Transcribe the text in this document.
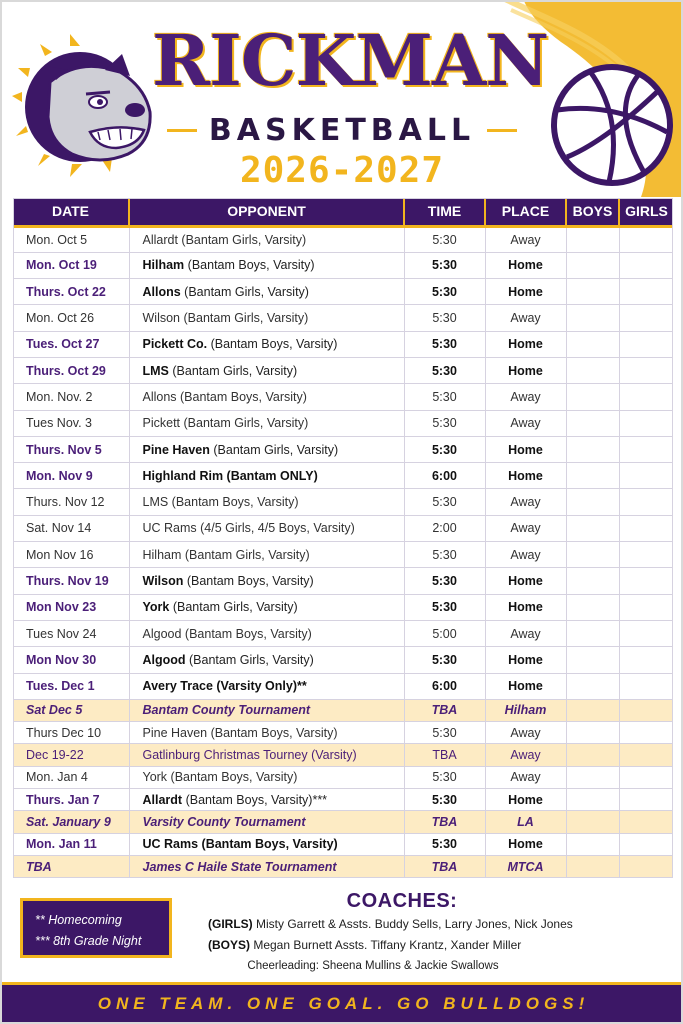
RICKMAN
BASKETBALL
2026-2027
DATE	OPPONENT	TIME	PLACE	BOYS	GIRLS
Mon. Oct 5	Allardt (Bantam Girls, Varsity)	5:30	Away		
Mon. Oct 19	Hilham (Bantam Boys, Varsity)	5:30	Home		
Thurs. Oct 22	Allons (Bantam Girls, Varsity)	5:30	Home		
Mon. Oct 26	Wilson (Bantam Girls, Varsity)	5:30	Away		
Tues. Oct 27	Pickett Co. (Bantam Boys, Varsity)	5:30	Home		
Thurs. Oct 29	LMS (Bantam Girls, Varsity)	5:30	Home		
Mon. Nov. 2	Allons (Bantam Boys, Varsity)	5:30	Away		
Tues Nov. 3	Pickett (Bantam Girls, Varsity)	5:30	Away		
Thurs. Nov 5	Pine Haven (Bantam Girls, Varsity)	5:30	Home		
Mon. Nov 9	Highland Rim (Bantam ONLY)	6:00	Home		
Thurs. Nov 12	LMS (Bantam Boys, Varsity)	5:30	Away		
Sat. Nov 14	UC Rams (4/5 Girls, 4/5 Boys, Varsity)	2:00	Away		
Mon Nov 16	Hilham (Bantam Girls, Varsity)	5:30	Away		
Thurs. Nov 19	Wilson (Bantam Boys, Varsity)	5:30	Home		
Mon Nov 23	York (Bantam Girls, Varsity)	5:30	Home		
Tues Nov 24	Algood (Bantam Boys, Varsity)	5:00	Away		
Mon Nov 30	Algood (Bantam Girls, Varsity)	5:30	Home		
Tues. Dec 1	Avery Trace (Varsity Only)**	6:00	Home		
Sat Dec 5	Bantam County Tournament	TBA	Hilham		
Thurs Dec 10	Pine Haven (Bantam Boys, Varsity)	5:30	Away		
Dec 19-22	Gatlinburg Christmas Tourney (Varsity)	TBA	Away		
Mon. Jan 4	York (Bantam Boys, Varsity)	5:30	Away		
Thurs. Jan 7	Allardt (Bantam Boys, Varsity)***	5:30	Home		
Sat. January 9	Varsity County Tournament	TBA	LA		
Mon. Jan 11	UC Rams (Bantam Boys, Varsity)	5:30	Home		
TBA	James C Haile State Tournament	TBA	MTCA		
** Homecoming
*** 8th Grade Night
COACHES:
(GIRLS) Misty Garrett & Assts. Buddy Sells, Larry Jones, Nick Jones
(BOYS) Megan Burnett Assts. Tiffany Krantz, Xander Miller
Cheerleading: Sheena Mullins & Jackie Swallows
ONE TEAM. ONE GOAL. GO BULLDOGS!
